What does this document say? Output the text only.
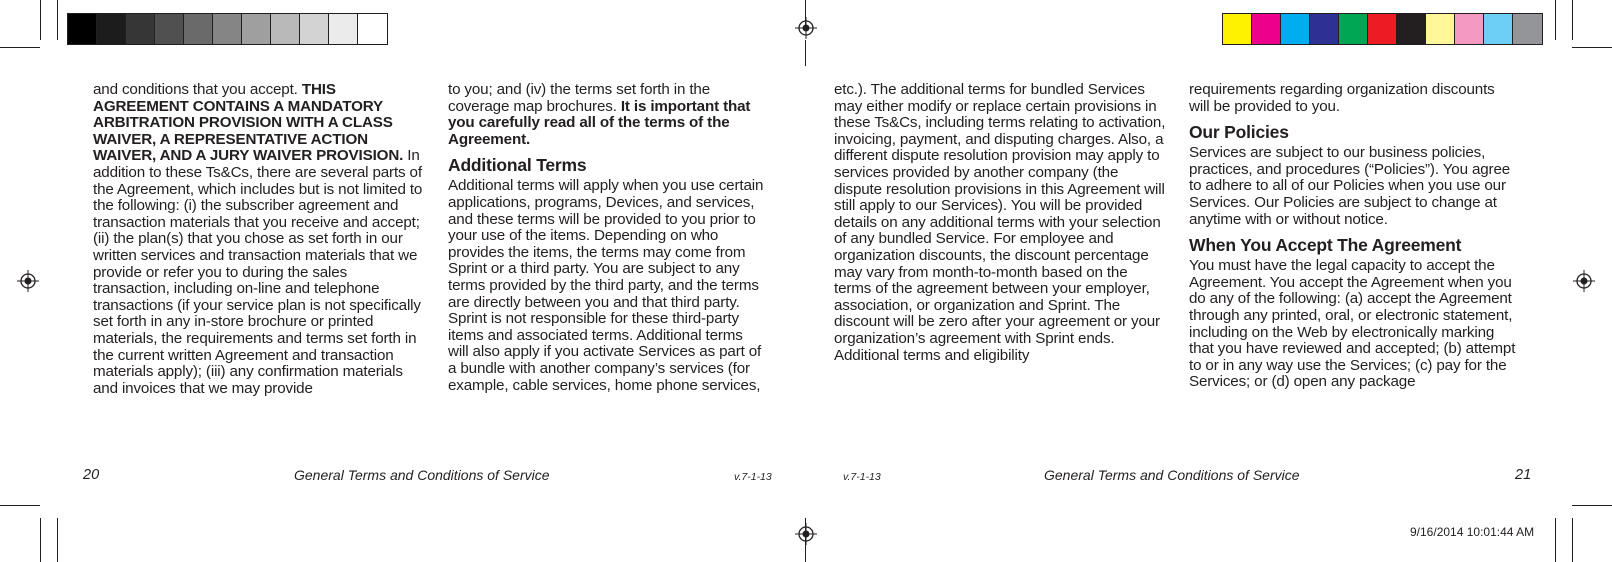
and conditions that you accept. THIS AGREEMENT CONTAINS A MANDATORY ARBITRATION PROVISION WITH A CLASS WAIVER, A REPRESENTATIVE ACTION WAIVER, AND A JURY WAIVER PROVISION. In addition to these Ts&Cs, there are several parts of the Agreement, which includes but is not limited to the following: (i) the subscriber agreement and transaction materials that you receive and accept; (ii) the plan(s) that you chose as set forth in our written services and transaction materials that we provide or refer you to during the sales transaction, including on-line and telephone transactions (if your service plan is not specifically set forth in any in-store brochure or printed materials, the requirements and terms set forth in the current written Agreement and transaction materials apply); (iii) any confirmation materials and invoices that we may provide

to you; and (iv) the terms set forth in the coverage map brochures. It is important that you carefully read all of the terms of the Agreement.

Additional Terms

Additional terms will apply when you use certain applications, programs, Devices, and services, and these terms will be provided to you prior to your use of the items. Depending on who provides the items, the terms may come from Sprint or a third party. You are subject to any terms provided by the third party, and the terms are directly between you and that third party. Sprint is not responsible for these third-party items and associated terms. Additional terms will also apply if you activate Services as part of a bundle with another company’s services (for example, cable services, home phone services,

etc.). The additional terms for bundled Services may either modify or replace certain provisions in these Ts&Cs, including terms relating to activation, invoicing, payment, and disputing charges. Also, a different dispute resolution provision may apply to services provided by another company (the dispute resolution provisions in this Agreement will still apply to our Services). You will be provided details on any additional terms with your selection of any bundled Service. For employee and organization discounts, the discount percentage may vary from month-to-month based on the terms of the agreement between your employer, association, or organization and Sprint. The discount will be zero after your agreement or your organization’s agreement with Sprint ends. Additional terms and eligibility

requirements regarding organization discounts will be provided to you.

Our Policies

Services are subject to our business policies, practices, and procedures (“Policies”). You agree to adhere to all of our Policies when you use our Services. Our Policies are subject to change at anytime with or without notice.

When You Accept The Agreement

You must have the legal capacity to accept the Agreement. You accept the Agreement when you do any of the following: (a) accept the Agreement through any printed, oral, or electronic statement, including on the Web by electronically marking that you have reviewed and accepted; (b) attempt to or in any way use the Services; (c) pay for the Services; or (d) open any package

20	General Terms and Conditions of Service	v.7-1-13	v.7-1-13	General Terms and Conditions of Service	21
9/16/2014 10:01:44 AM
